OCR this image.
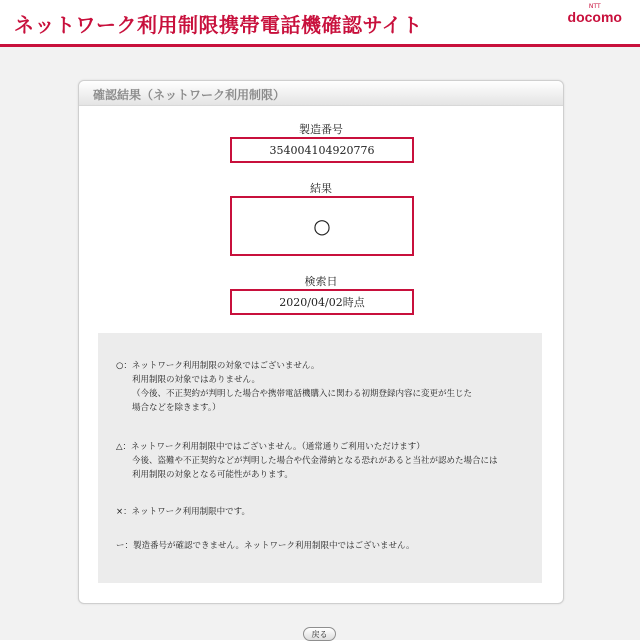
ネットワーク利用制限携帯電話機確認サイト
NTT
docomo
確認結果（ネットワーク利用制限）
製造番号
354004104920776
結果
○
検索日
2020/04/02時点
○：ネットワーク利用制限の対象ではございません。
利用制限の対象ではありません。
（今後、不正契約が判明した場合や携帯電話機購入に関わる初期登録内容に変更が生じた
場合などを除きます。）
△：ネットワーク利用制限中ではございません。（通常通りご利用いただけます）
今後、盗難や不正契約などが判明した場合や代金滞納となる恐れがあると当社が認めた場合には
利用制限の対象となる可能性があります。
×：ネットワーク利用制限中です。
ー：製造番号が確認できません。ネットワーク利用制限中ではございません。
戻る
